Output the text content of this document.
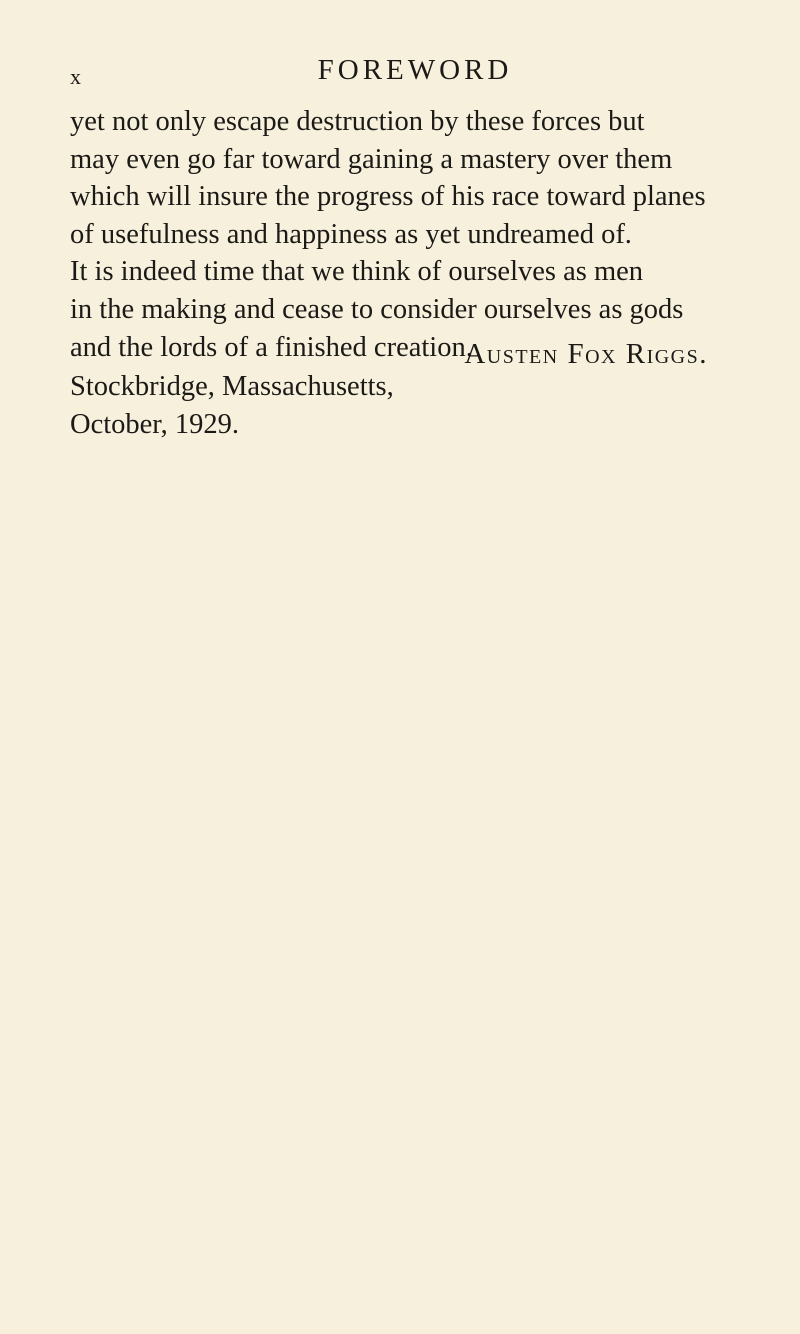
x	FOREWORD
yet not only escape destruction by these forces but
may even go far toward gaining a mastery over them
which will insure the progress of his race toward planes
of usefulness and happiness as yet undreamed of.
It is indeed time that we think of ourselves as men
in the making and cease to consider ourselves as gods
and the lords of a finished creation.
Austen Fox Riggs.
Stockbridge, Massachusetts,
October, 1929.
